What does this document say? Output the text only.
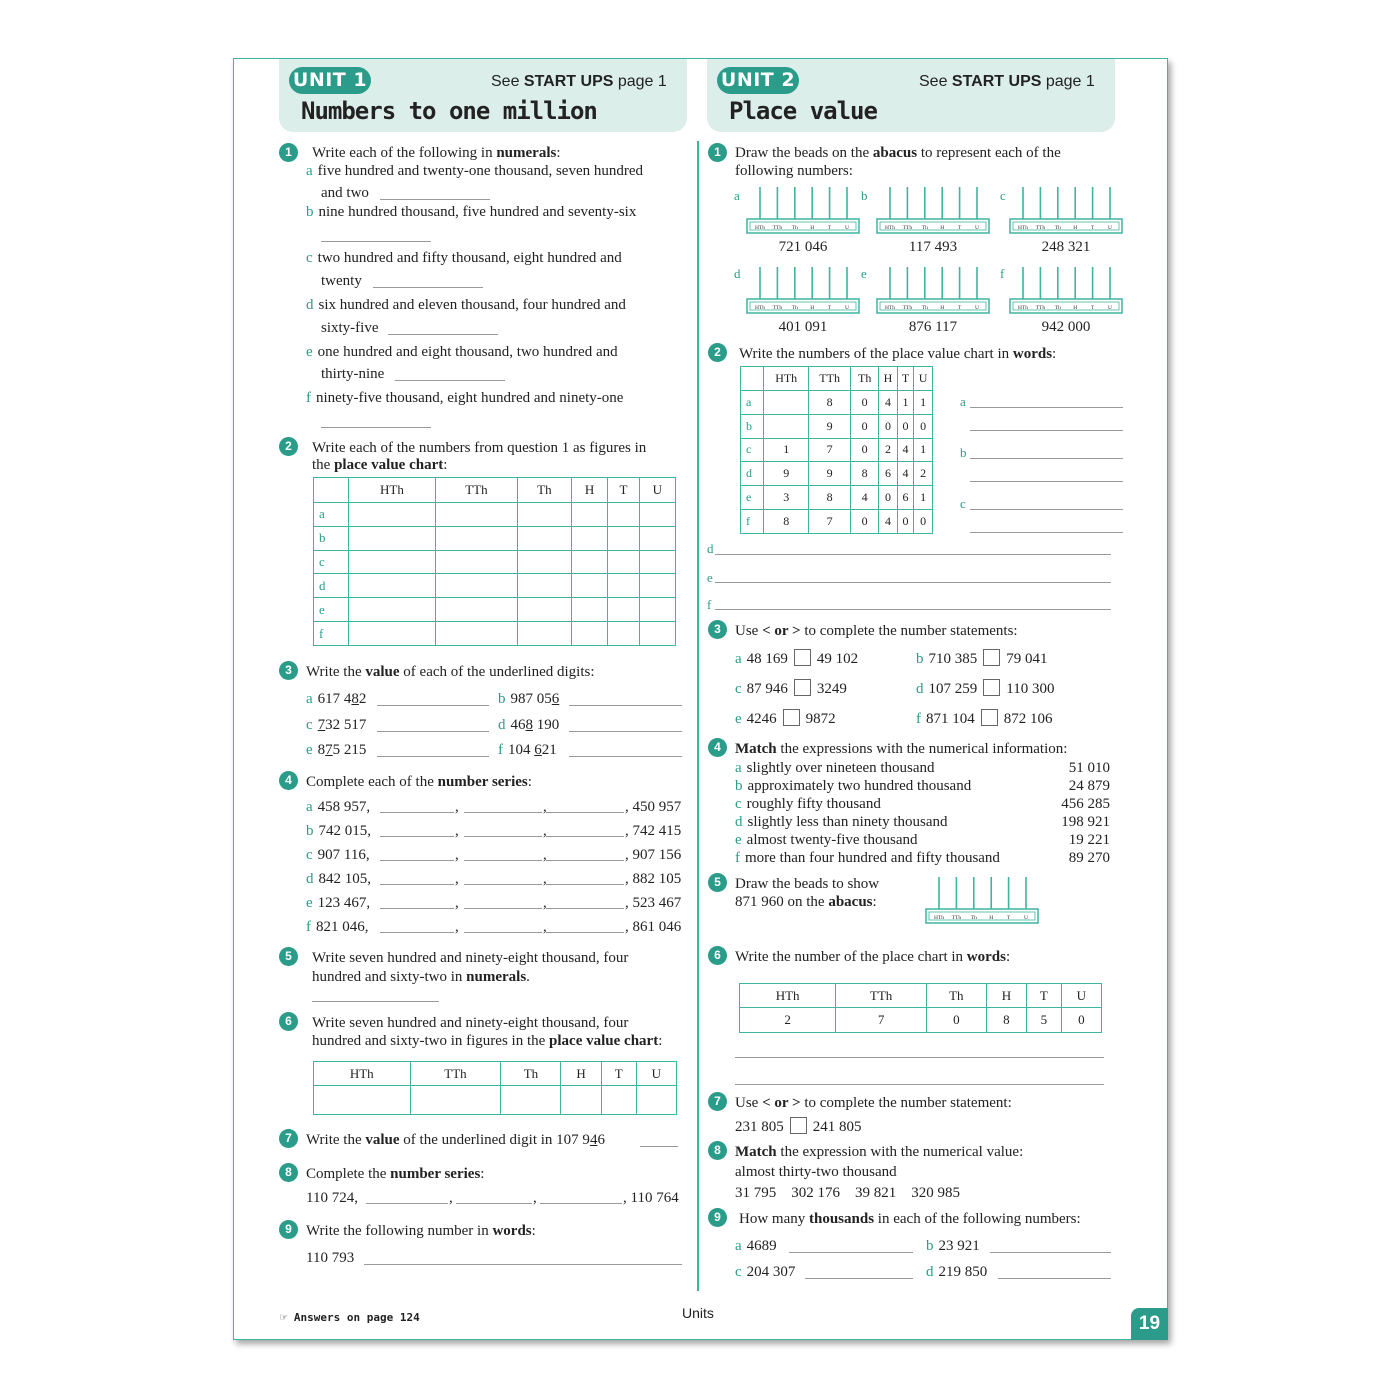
UNIT 1	See START UPS page 1
Numbers to one million
UNIT 2	See START UPS page 1
Place value
1	Write each of the following in numerals:
a five hundred and twenty-one thousand, seven hundred
and two
b nine hundred thousand, five hundred and seventy-six
c two hundred and fifty thousand, eight hundred and
twenty
d six hundred and eleven thousand, four hundred and
sixty-five
e one hundred and eight thousand, two hundred and
thirty-nine
f ninety-five thousand, eight hundred and ninety-one
2	Write each of the numbers from question 1 as figures in
the place value chart:
	HTh	TTh	Th	H	T	U
a						
b						
c						
d						
e						
f						
3 Write the value of each of the underlined digits:
a 617 482	b 987 056
c 732 517	d 468 190
e 875 215	f 104 621
4 Complete each of the number series:
5	Write seven hundred and ninety-eight thousand, four
hundred and sixty-two in numerals.
6	Write seven hundred and ninety-eight thousand, four
hundred and sixty-two in figures in the place value chart:
HTh	TTh	Th	H	T	U

7 Write the value of the underlined digit in 107 946
8 Complete the number series:
110 724,	,	,	, 110 764
9 Write the following number in words:
110 793
1 Draw the beads on the abacus to represent each of the
following numbers:
2	Write the numbers of the place value chart in words:
	HTh	TTh	Th	H	T	U
a		8	0	4	1	1
b		9	0	0	0	0
c	1	7	0	2	4	1
d	9	9	8	6	4	2
e	3	8	4	0	6	1
f	8	7	0	4	0	0
a
b
c
d
e
f
3 Use < or > to complete the number statements:
4 Match the expressions with the numerical information:
5 Draw the beads to show
871 960 on the abacus:
6 Write the number of the place chart in words:
HTh	TTh	Th	H	T	U
2	7	0	8	5	0
7 Use < or > to complete the number statement:
231 805 241 805
8 Match the expression with the numerical value:
almost thirty-two thousand
31 795 302 176 39 821 320 985
9	How many thousands in each of the following numbers:
a 4689	b 23 921
c 204 307	d 219 850
☞ Answers on page 124	Units	19
a 458 957,	,	,	, 450 957
b 742 015,	,	,	, 742 415
c 907 116,	,	,	, 907 156
d 842 105,	,	,	, 882 105
e 123 467,	,	,	, 523 467
f 821 046,	,	,	, 861 046
a
HTh TTh Th H T U
721 046
b
HTh TTh Th H T U
117 493
c
HTh TTh Th H T U
248 321
d
HTh TTh Th H T U
401 091
e
HTh TTh Th H T U
876 117
f
HTh TTh Th H T U
942 000
HTh TTh Th H T U
a 48 169 49 102	b 710 385 79 041
c 87 946 3249	d 107 259 110 300
e 4246 9872	f 871 104 872 106
a slightly over nineteen thousand	51 010
b approximately two hundred thousand	24 879
c roughly fifty thousand	456 285
d slightly less than ninety thousand	198 921
e almost twenty-five thousand	19 221
f more than four hundred and fifty thousand	89 270
